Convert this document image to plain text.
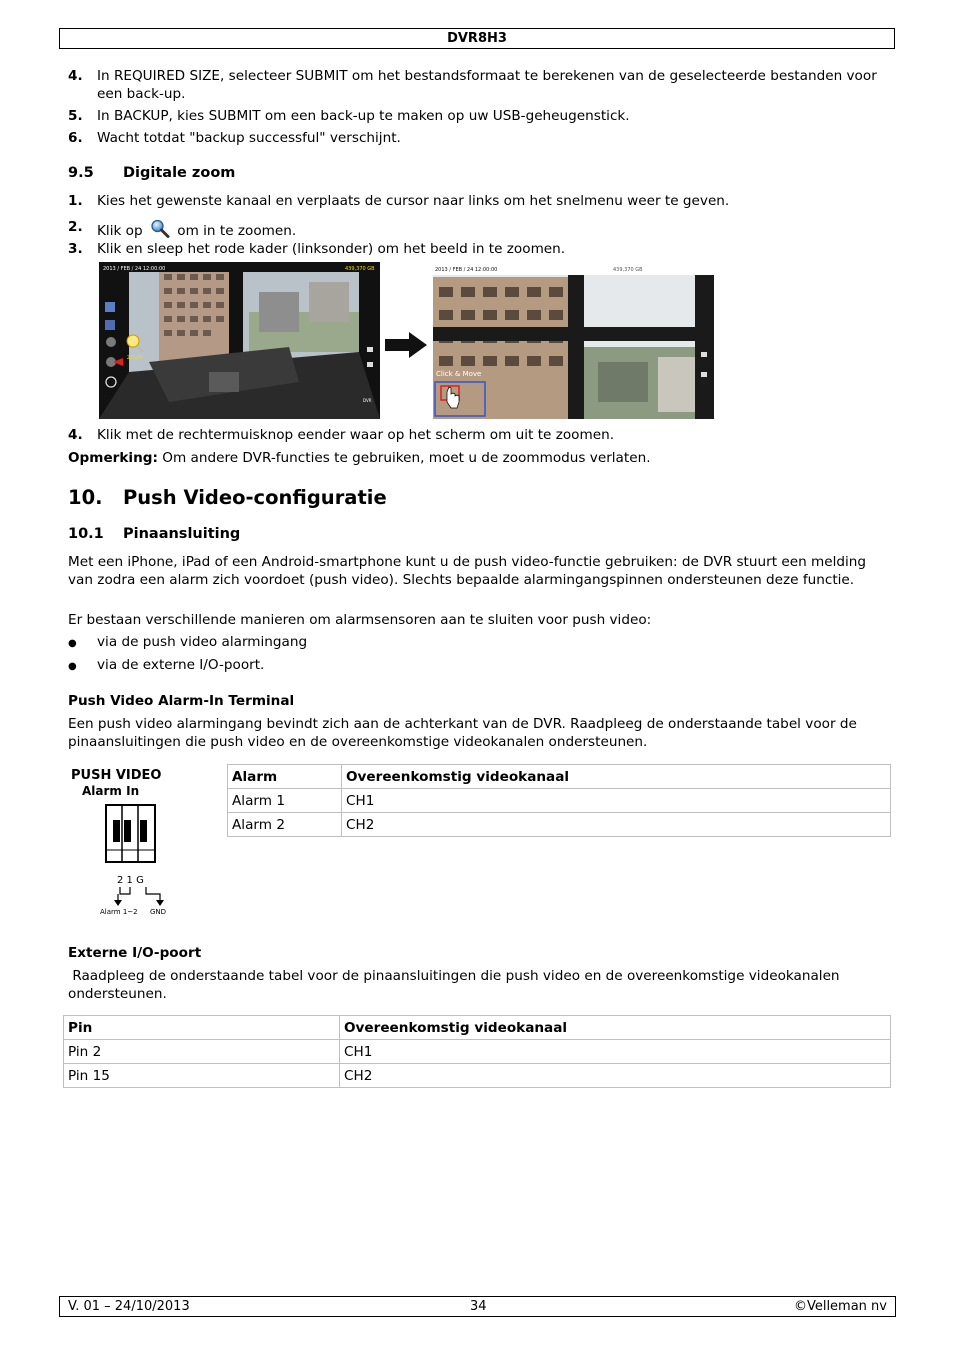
DVR8H3
4. In REQUIRED SIZE, selecteer SUBMIT om het bestandsformaat te berekenen van de geselecteerde bestanden voor een back-up.
5. In BACKUP, kies SUBMIT om een back-up te maken op uw USB-geheugenstick.
6. Wacht totdat "backup successful" verschijnt.
9.5 Digitale zoom
1. Kies het gewenste kanaal en verplaats de cursor naar links om het snelmenu weer te geven.
2. Klik op	om in te zoomen.
3. Klik en sleep het rode kader (linksonder) om het beeld in te zoomen.
2013 / FEB / 24 12:00:00	439,370 GB
DVR
ZOOM
2013 / FEB / 24 12:00:00	439,370 GB
Click & Move
4. Klik met de rechtermuisknop eender waar op het scherm om uit te zoomen.
Opmerking: Om andere DVR-functies te gebruiken, moet u de zoommodus verlaten.
10. Push Video-configuratie
10.1 Pinaansluiting
Met een iPhone, iPad of een Android-smartphone kunt u de push video-functie gebruiken: de DVR stuurt een melding van zodra een alarm zich voordoet (push video). Slechts bepaalde alarmingangspinnen ondersteunen deze functie.
Er bestaan verschillende manieren om alarmsensoren aan te sluiten voor push video:
● via de push video alarmingang
● via de externe I/O-poort.
Push Video Alarm-In Terminal
Een push video alarmingang bevindt zich aan de achterkant van de DVR. Raadpleeg de onderstaande tabel voor de pinaansluitingen die push video en de overeenkomstige videokanalen ondersteunen.
PUSH VIDEO
Alarm In
2 1 G
Alarm 1~2 GND
Alarm	Overeenkomstig videokanaal
Alarm 1	CH1
Alarm 2	CH2
Externe I/O-poort
Raadpleeg de onderstaande tabel voor de pinaansluitingen die push video en de overeenkomstige videokanalen ondersteunen.
Pin	Overeenkomstig videokanaal
Pin 2	CH1
Pin 15	CH2
V. 01 – 24/10/2013	34	©Velleman nv
